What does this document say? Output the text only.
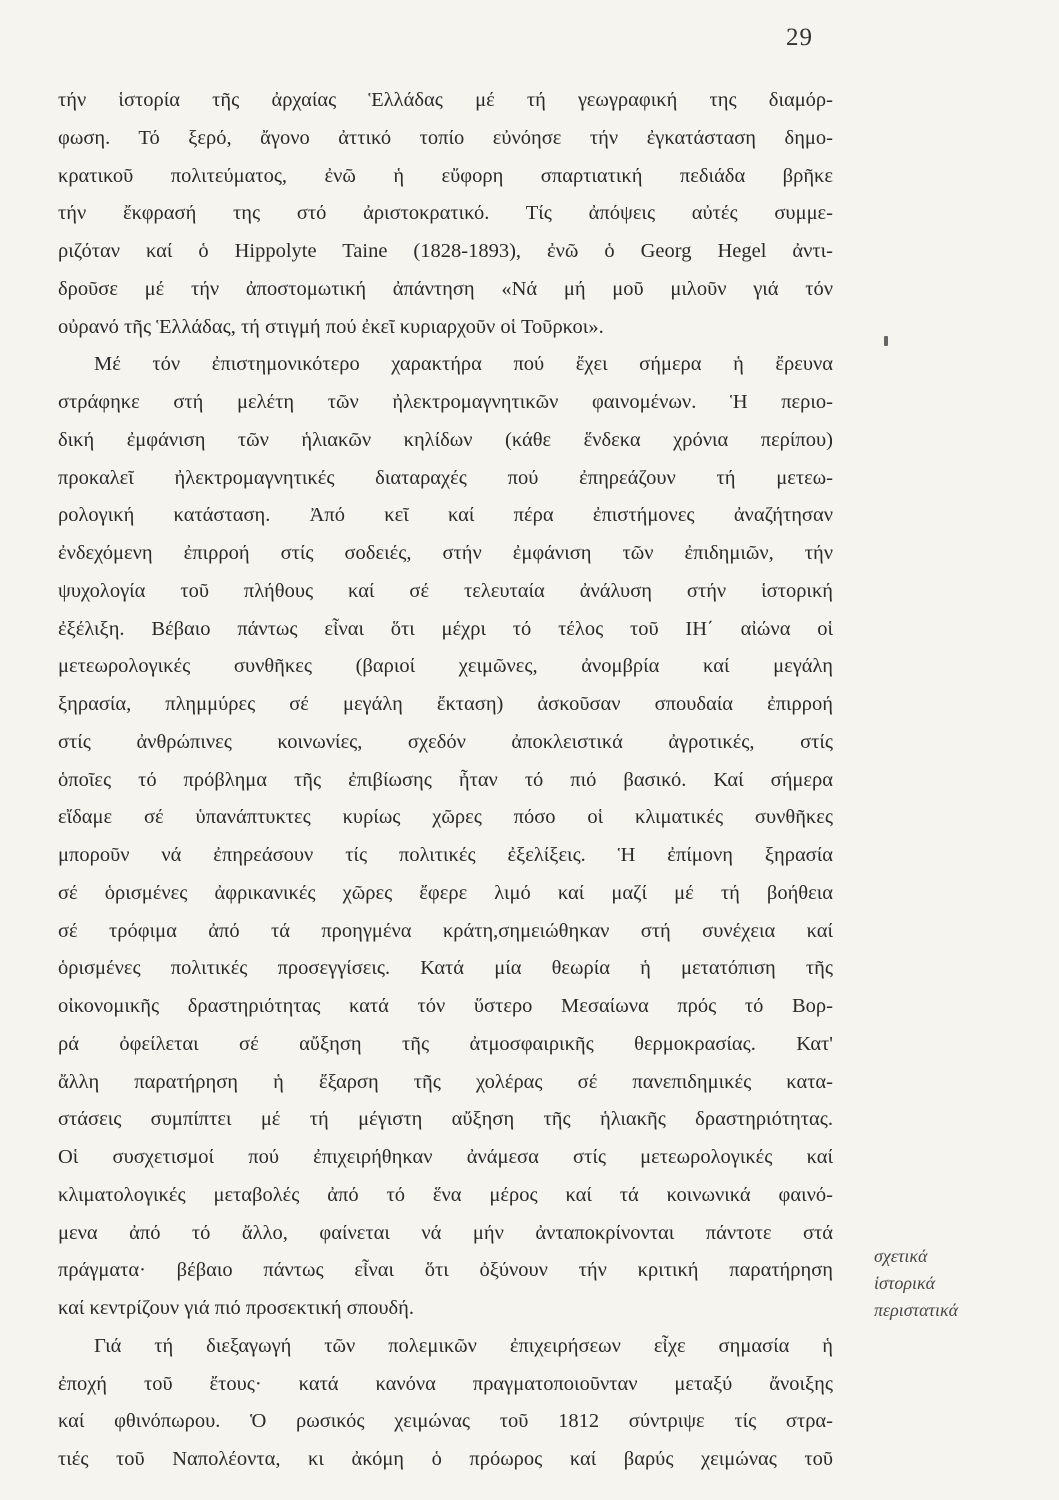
29
τήν ἱστορία τῆς ἀρχαίας Ἑλλάδας μέ τή γεωγραφική της διαμόρ-
φωση. Τό ξερό, ἄγονο ἀττικό τοπίο εὐνόησε τήν ἐγκατάσταση δημο-
κρατικοῦ πολιτεύματος, ἐνῶ ἡ εὔφορη σπαρτιατική πεδιάδα βρῆκε
τήν ἔκφρασή της στό ἀριστοκρατικό. Τίς ἀπόψεις αὐτές συμμε-
ριζόταν καί ὁ Hippolyte Taine (1828-1893), ἐνῶ ὁ Georg Hegel ἀντι-
δροῦσε μέ τήν ἀποστομωτική ἀπάντηση «Νά μή μοῦ μιλοῦν γιά τόν
οὐρανό τῆς Ἑλλάδας, τή στιγμή πού ἐκεῖ κυριαρχοῦν οἱ Τοῦρκοι».
Μέ τόν ἐπιστημονικότερο χαρακτήρα πού ἔχει σήμερα ἡ ἔρευνα
στράφηκε στή μελέτη τῶν ἠλεκτρομαγνητικῶν φαινομένων. Ἡ περιο-
δική ἐμφάνιση τῶν ἡλιακῶν κηλίδων (κάθε ἕνδεκα χρόνια περίπου)
προκαλεῖ ἠλεκτρομαγνητικές διαταραχές πού ἐπηρεάζουν τή μετεω-
ρολογική κατάσταση. Ἀπό κεῖ καί πέρα ἐπιστήμονες ἀναζήτησαν
ἐνδεχόμενη ἐπιρροή στίς σοδειές, στήν ἐμφάνιση τῶν ἐπιδημιῶν, τήν
ψυχολογία τοῦ πλήθους καί σέ τελευταία ἀνάλυση στήν ἱστορική
ἐξέλιξη. Βέβαιο πάντως εἶναι ὅτι μέχρι τό τέλος τοῦ ΙΗ΄ αἰώνα οἱ
μετεωρολογικές συνθῆκες (βαριοί χειμῶνες, ἀνομβρία καί μεγάλη
ξηρασία, πλημμύρες σέ μεγάλη ἔκταση) ἀσκοῦσαν σπουδαία ἐπιρροή
στίς ἀνθρώπινες κοινωνίες, σχεδόν ἀποκλειστικά ἀγροτικές, στίς
ὁποῖες τό πρόβλημα τῆς ἐπιβίωσης ἦταν τό πιό βασικό. Καί σήμερα
εἴδαμε σέ ὑπανάπτυκτες κυρίως χῶρες πόσο οἱ κλιματικές συνθῆκες
μποροῦν νά ἐπηρεάσουν τίς πολιτικές ἐξελίξεις. Ἡ ἐπίμονη ξηρασία
σέ ὁρισμένες ἀφρικανικές χῶρες ἔφερε λιμό καί μαζί μέ τή βοήθεια
σέ τρόφιμα ἀπό τά προηγμένα κράτη,σημειώθηκαν στή συνέχεια καί
ὁρισμένες πολιτικές προσεγγίσεις. Κατά μία θεωρία ἡ μετατόπιση τῆς
οἰκονομικῆς δραστηριότητας κατά τόν ὕστερο Μεσαίωνα πρός τό Βορ-
ρά ὀφείλεται σέ αὔξηση τῆς ἀτμοσφαιρικῆς θερμοκρασίας. Κατ'
ἄλλη παρατήρηση ἡ ἔξαρση τῆς χολέρας σέ πανεπιδημικές κατα-
στάσεις συμπίπτει μέ τή μέγιστη αὔξηση τῆς ἡλιακῆς δραστηριότητας.
Οἱ συσχετισμοί πού ἐπιχειρήθηκαν ἀνάμεσα στίς μετεωρολογικές καί
κλιματολογικές μεταβολές ἀπό τό ἕνα μέρος καί τά κοινωνικά φαινό-
μενα ἀπό τό ἄλλο, φαίνεται νά μήν ἀνταποκρίνονται πάντοτε στά
πράγματα· βέβαιο πάντως εἶναι ὅτι ὀξύνουν τήν κριτική παρατήρηση
καί κεντρίζουν γιά πιό προσεκτική σπουδή.
Γιά τή διεξαγωγή τῶν πολεμικῶν ἐπιχειρήσεων εἶχε σημασία ἡ
ἐποχή τοῦ ἔτους· κατά κανόνα πραγματοποιοῦνταν μεταξύ ἄνοιξης
καί φθινόπωρου. Ὁ ρωσικός χειμώνας τοῦ 1812 σύντριψε τίς στρα-
τιές τοῦ Ναπολέοντα, κι ἀκόμη ὁ πρόωρος καί βαρύς χειμώνας τοῦ
σχετικά
ἱστορικά
περιστατικά
